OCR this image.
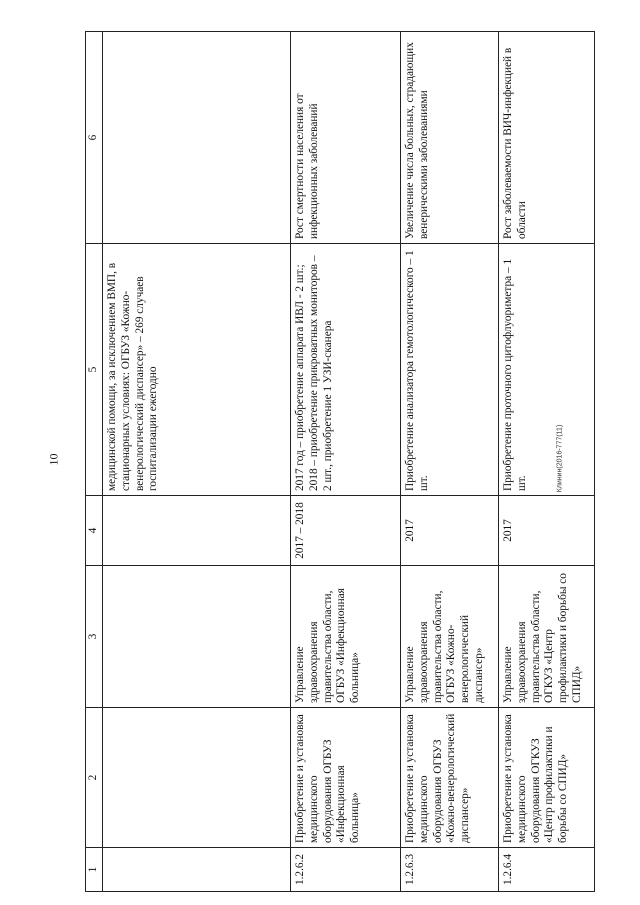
10
1	2	3	4	5	6
				медицинской помощи, за исключением ВМП, в стационарных условиях: ОГБУЗ «Кожно-венерологический диспансер» – 269 случаев госпитализации ежегодно	
1.2.6.2	Приобретение и установка медицинского оборудования ОГБУЗ «Инфекционная больница»	Управление здравоохранения правительства области, ОГБУЗ «Инфекционная больница»	2017 – 2018	2017 год – приобретение аппарата ИВЛ - 2 шт.; 2018 – приобретение прикроватных мониторов – 2 шт., приобретение 1 УЗИ-сканера	Рост смертности населения от инфекционных заболеваний
1.2.6.3	Приобретение и установка медицинского оборудования ОГБУЗ «Кожно-венерологический диспансер»	Управление здравоохранения правительства области, ОГБУЗ «Кожно-венерологический диспансер»	2017	Приобретение анализатора гемотологического – 1 шт.	Увеличение числа больных, страдающих венерическими заболеваниями
1.2.6.4	Приобретение и установка медицинского оборудования ОГКУЗ «Центр профилактики и борьбы со СПИД»	Управление здравоохранения правительства области, ОГКУЗ «Центр профилактики и борьбы со СПИД»	2017	Приобретение проточного цитофлуориметра – 1 шт.	Рост заболеваемости ВИЧ-инфекцией в области
Клинин(2016-777(11)
